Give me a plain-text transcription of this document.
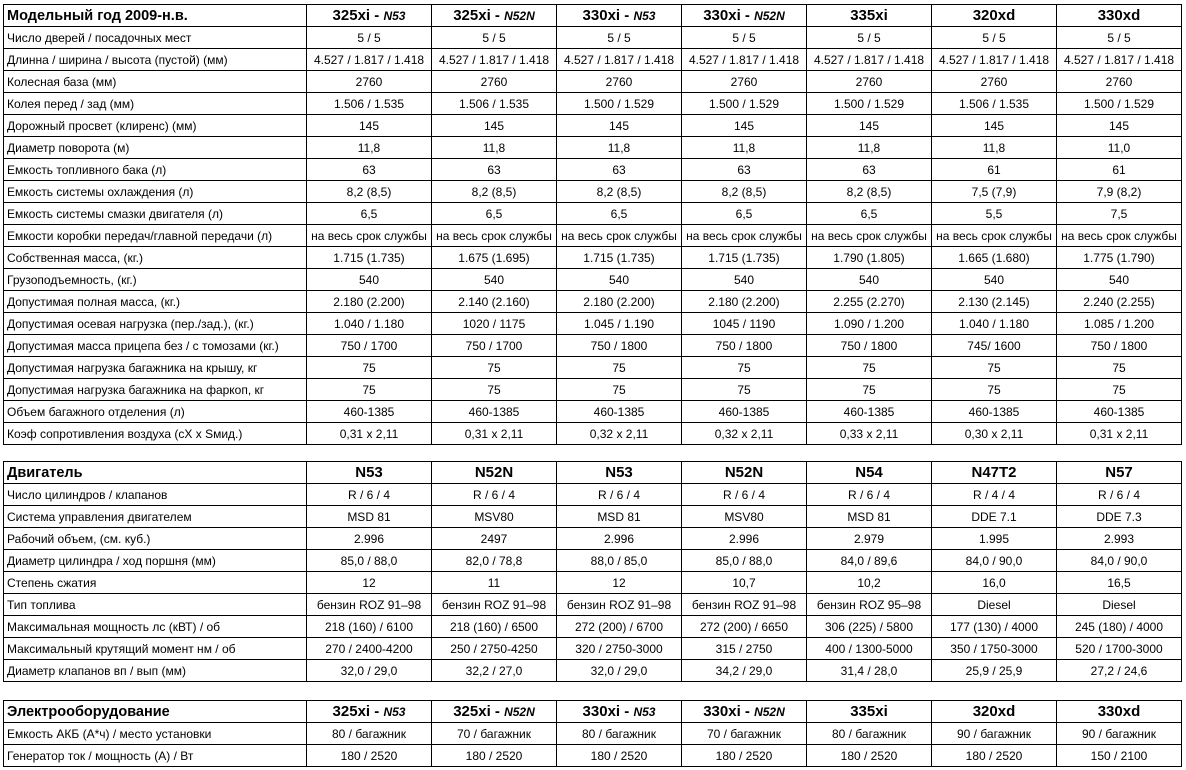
Модельный год 2009-н.в.	325xi - N53	325xi - N52N	330xi - N53	330xi - N52N	335xi	320xd	330xd
Число дверей / посадочных мест	5 / 5	5 / 5	5 / 5	5 / 5	5 / 5	5 / 5	5 / 5
Длинна / ширина / высота (пустой) (мм)	4.527 / 1.817 / 1.418	4.527 / 1.817 / 1.418	4.527 / 1.817 / 1.418	4.527 / 1.817 / 1.418	4.527 / 1.817 / 1.418	4.527 / 1.817 / 1.418	4.527 / 1.817 / 1.418
Колесная база (мм)	2760	2760	2760	2760	2760	2760	2760
Колея перед / зад (мм)	1.506 / 1.535	1.506 / 1.535	1.500 / 1.529	1.500 / 1.529	1.500 / 1.529	1.506 / 1.535	1.500 / 1.529
Дорожный просвет (клиренс) (мм)	145	145	145	145	145	145	145
Диаметр поворота (м)	11,8	11,8	11,8	11,8	11,8	11,8	11,0
Емкость топливного бака (л)	63	63	63	63	63	61	61
Емкость системы охлаждения (л)	8,2 (8,5)	8,2 (8,5)	8,2 (8,5)	8,2 (8,5)	8,2 (8,5)	7,5 (7,9)	7,9 (8,2)
Емкость системы смазки двигателя (л)	6,5	6,5	6,5	6,5	6,5	5,5	7,5
Емкости коробки передач/главной передачи (л)	на весь срок службы	на весь срок службы	на весь срок службы	на весь срок службы	на весь срок службы	на весь срок службы	на весь срок службы
Собственная масса, (кг.)	1.715 (1.735)	1.675 (1.695)	1.715 (1.735)	1.715 (1.735)	1.790 (1.805)	1.665 (1.680)	1.775 (1.790)
Грузоподъемность, (кг.)	540	540	540	540	540	540	540
Допустимая полная масса, (кг.)	2.180 (2.200)	2.140 (2.160)	2.180 (2.200)	2.180 (2.200)	2.255 (2.270)	2.130 (2.145)	2.240 (2.255)
Допустимая осевая нагрузка (пер./зад.), (кг.)	1.040 / 1.180	1020 / 1175	1.045 / 1.190	1045 / 1190	1.090 / 1.200	1.040 / 1.180	1.085 / 1.200
Допустимая масса прицепа без / с томозами (кг.)	750 / 1700	750 / 1700	750 / 1800	750 / 1800	750 / 1800	745/ 1600	750 / 1800
Допустимая нагрузка багажника на крышу, кг	75	75	75	75	75	75	75
Допустимая нагрузка багажника на фаркоп, кг	75	75	75	75	75	75	75
Объем багажного отделения (л)	460-1385	460-1385	460-1385	460-1385	460-1385	460-1385	460-1385
Коэф сопротивления воздуха (сX х Sмид.)	0,31 х 2,11	0,31 х 2,11	0,32 х 2,11	0,32 х 2,11	0,33 х 2,11	0,30 х 2,11	0,31 х 2,11
Двигатель	N53	N52N	N53	N52N	N54	N47T2	N57
Число цилиндров / клапанов	R / 6 / 4	R / 6 / 4	R / 6 / 4	R / 6 / 4	R / 6 / 4	R / 4 / 4	R / 6 / 4
Система управления двигателем	MSD 81	MSV80	MSD 81	MSV80	MSD 81	DDE 7.1	DDE 7.3
Рабочий объем, (см. куб.)	2.996	2497	2.996	2.996	2.979	1.995	2.993
Диаметр цилиндра / ход поршня (мм)	85,0 / 88,0	82,0 / 78,8	88,0 / 85,0	85,0 / 88,0	84,0 / 89,6	84,0 / 90,0	84,0 / 90,0
Степень сжатия	12	11	12	10,7	10,2	16,0	16,5
Тип топлива	бензин ROZ 91–98	бензин ROZ 91–98	бензин ROZ 91–98	бензин ROZ 91–98	бензин ROZ 95–98	Diesel	Diesel
Максимальная мощность лс (кВТ) / об	218 (160) / 6100	218 (160) / 6500	272 (200) / 6700	272 (200) / 6650	306 (225) / 5800	177 (130) / 4000	245 (180) / 4000
Максимальный крутящий момент нм / об	270 / 2400-4200	250 / 2750-4250	320 / 2750-3000	315 / 2750	400 / 1300-5000	350 / 1750-3000	520 / 1700-3000
Диаметр клапанов вп / вып (мм)	32,0 / 29,0	32,2 / 27,0	32,0 / 29,0	34,2 / 29,0	31,4 / 28,0	25,9 / 25,9	27,2 / 24,6
Электрооборудование	325xi - N53	325xi - N52N	330xi - N53	330xi - N52N	335xi	320xd	330xd
Емкость АКБ (А*ч) / место установки	80 / багажник	70 / багажник	80 / багажник	70 / багажник	80 / багажник	90 / багажник	90 / багажник
Генератор ток / мощность (А) / Вт	180 / 2520	180 / 2520	180 / 2520	180 / 2520	180 / 2520	180 / 2520	150 / 2100
